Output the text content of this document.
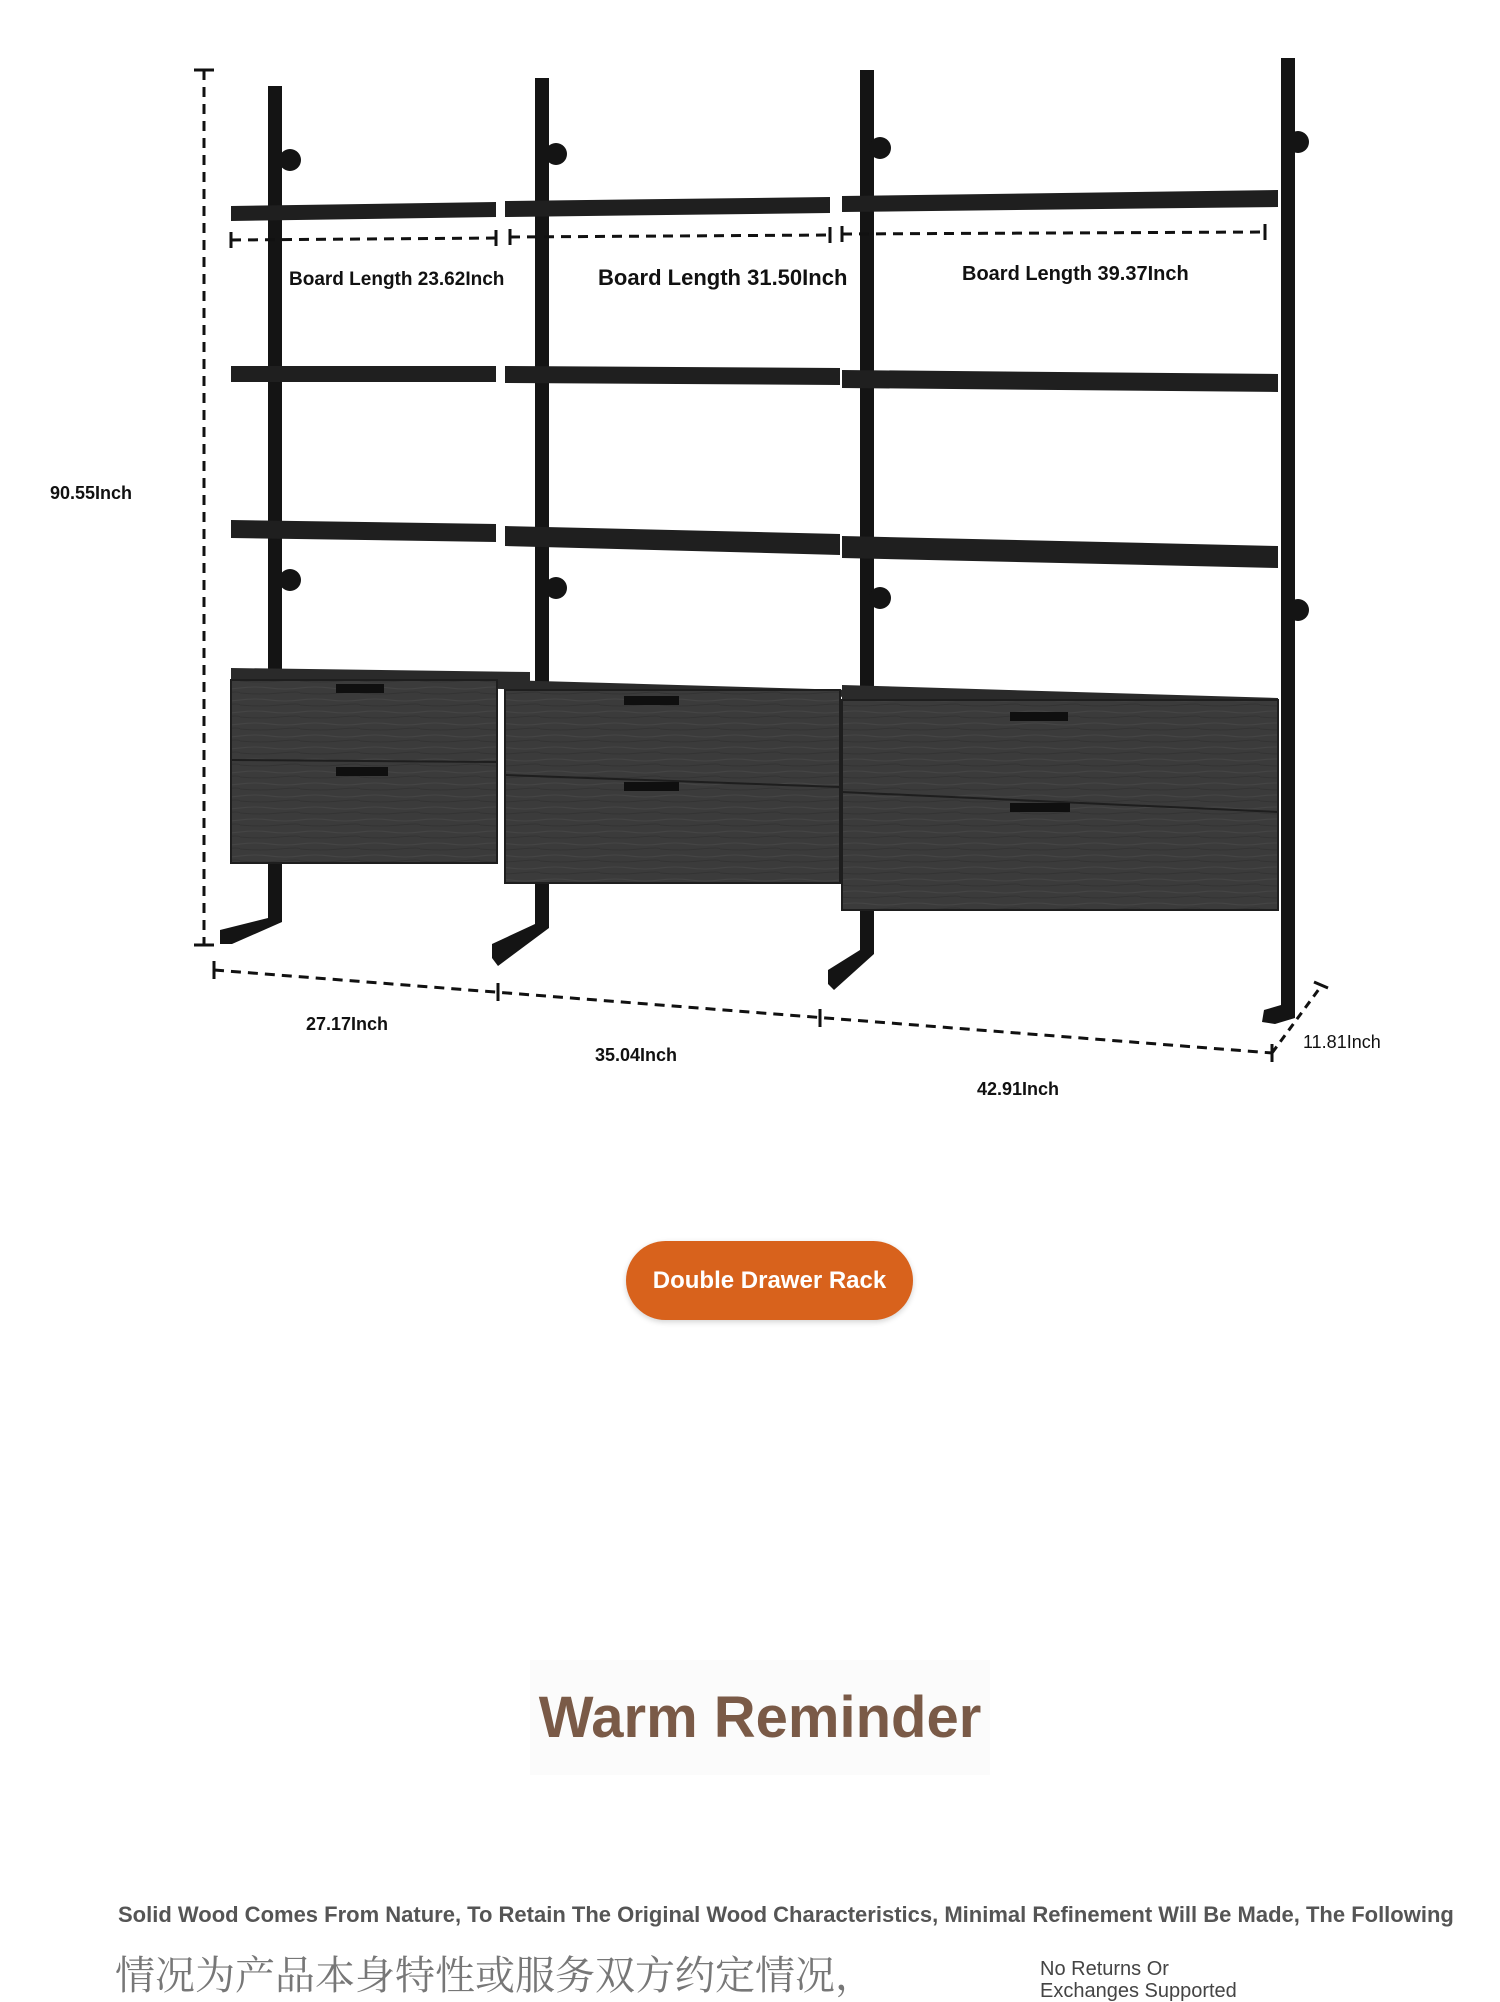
Board Length 23.62Inch	Board Length 31.50Inch	Board Length 39.37Inch
90.55Inch
27.17Inch
35.04Inch
42.91Inch
11.81Inch
Double Drawer Rack
Warm Reminder
Solid Wood Comes From Nature, To Retain The Original Wood Characteristics, Minimal Refinement Will Be Made, The Following
情况为产品本身特性或服务双方约定情况，	No Returns Or Exchanges Supported
